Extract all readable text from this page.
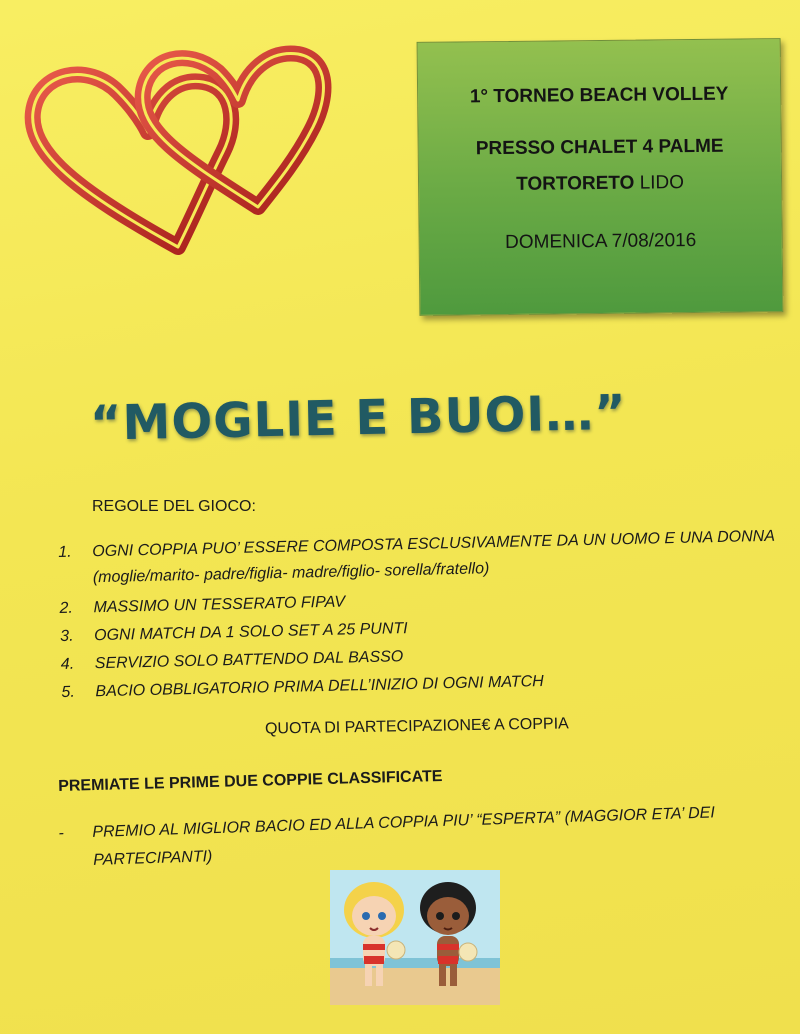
1° TORNEO BEACH VOLLEY
PRESSO CHALET 4 PALME
TORTORETO LIDO
DOMENICA 7/08/2016
“MOGLIE E BUOI…”
REGOLE DEL GIOCO:
1. OGNI COPPIA PUO’ ESSERE COMPOSTA ESCLUSIVAMENTE DA UN UOMO E UNA DONNA (moglie/marito- padre/figlia- madre/figlio- sorella/fratello)
2. MASSIMO UN TESSERATO FIPAV
3. OGNI MATCH DA 1 SOLO SET A 25 PUNTI
4. SERVIZIO SOLO BATTENDO DAL BASSO
5. BACIO OBBLIGATORIO PRIMA DELL’INIZIO DI OGNI MATCH
QUOTA DI PARTECIPAZIONE€ A COPPIA
PREMIATE LE PRIME DUE COPPIE CLASSIFICATE
-	PREMIO AL MIGLIOR BACIO ED ALLA COPPIA PIU’ “ESPERTA” (MAGGIOR ETA’ DEI PARTECIPANTI)
